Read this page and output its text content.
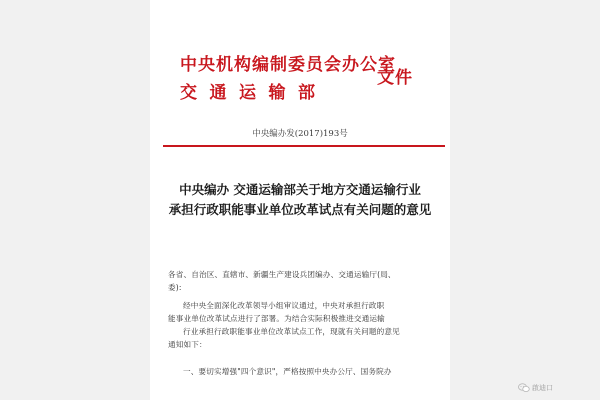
中央机构编制委员会办公室
交通运输部
文件
中央编办发(2017)193号
中央编办 交通运输部关于地方交通运输行业
承担行政职能事业单位改革试点有关问题的意见
各省、自治区、直辖市、新疆生产建设兵团编办、交通运输厅(局、
委):
经中央全面深化改革领导小组审议通过，中央对承担行政职
能事业单位改革试点进行了部署。为结合实际积极推进交通运输
行业承担行政职能事业单位改革试点工作，现就有关问题的意见
通知如下：
一、要切实增强"四个意识"，严格按照中央办公厅、国务院办
啟迪口
